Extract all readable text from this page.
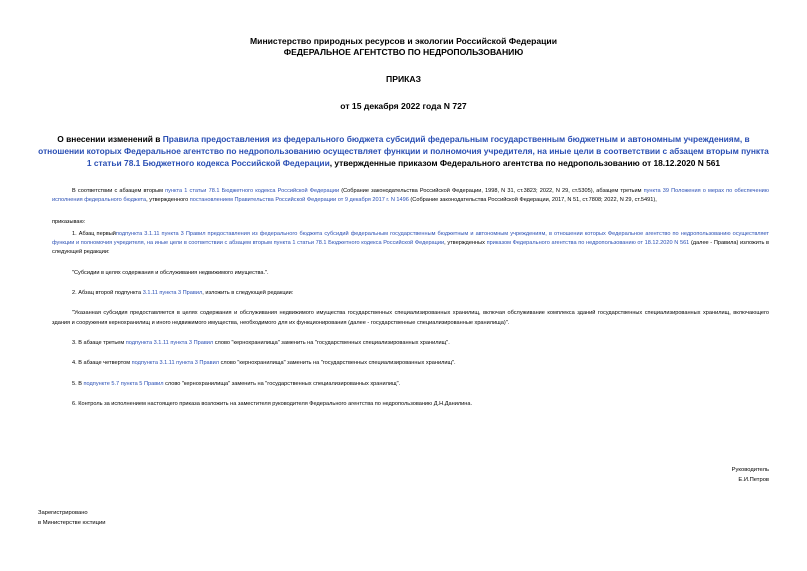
Министерство природных ресурсов и экологии Российской Федерации
ФЕДЕРАЛЬНОЕ АГЕНТСТВО ПО НЕДРОПОЛЬЗОВАНИЮ
ПРИКАЗ
от 15 декабря 2022 года N 727
О внесении изменений в Правила предоставления из федерального бюджета субсидий федеральным государственным бюджетным и автономным учреждениям, в отношении которых Федеральное агентство по недропользованию осуществляет функции и полномочия учредителя, на иные цели в соответствии с абзацем вторым пункта 1 статьи 78.1 Бюджетного кодекса Российской Федерации, утвержденные приказом Федерального агентства по недропользованию от 18.12.2020 N 561

В соответствии с абзацем вторым пункта 1 статьи 78.1 Бюджетного кодекса Российской Федерации (Собрание законодательства Российской Федерации, 1998, N 31, ст.3823; 2022, N 29, ст.5305), абзацем третьим пункта 39 Положения о мерах по обеспечению исполнения федерального бюджета, утвержденного постановлением Правительства Российской Федерации от 9 декабря 2017 г. N 1496 (Собрание законодательства Российской Федерации, 2017, N 51, ст.7808; 2022, N 29, ст.5491),

приказываю:

1. Абзац первыйподпункта 3.1.11 пункта 3 Правил предоставления из федерального бюджета субсидий федеральным государственным бюджетным и автономным учреждениям, в отношении которых Федеральное агентство по недропользованию осуществляет функции и полномочия учредителя, на иные цели в соответствии с абзацем вторым пункта 1 статьи 78.1 Бюджетного кодекса Российской Федерации, утвержденных приказом Федерального агентства по недропользованию от 18.12.2020 N 561 (далее - Правила) изложить в следующей редакции:

"Субсидии в целях содержания и обслуживания недвижимого имущества.".

2. Абзац второй подпункта 3.1.11 пункта 3 Правил, изложить в следующей редакции:

"Указанная субсидия предоставляется в целях содержания и обслуживания недвижимого имущества государственных специализированных хранилищ, включая обслуживание комплекса зданий государственных специализированных хранилищ, включающего здания и сооружения кернохранилищ и иного недвижимого имущества, необходимого для их функционирования (далее - государственные специализированные хранилища)".

3. В абзаце третьем подпункта 3.1.11 пункта 3 Правил слово "кернохранилища" заменить на "государственных специализированных хранилищ".

4. В абзаце четвертом подпункта 3.1.11 пункта 3 Правил слово "кернохранилища" заменить на "государственных специализированных хранилищ".

5. В подпункте 5.7 пункта 5 Правил слово "кернохранилища" заменить на "государственных специализированных хранилищ".

6. Контроль за исполнением настоящего приказа возложить на заместителя руководителя Федерального агентства по недропользованию Д.Н.Данилина.

Руководитель
Е.И.Петров
Зарегистрировано
в Министерстве юстиции
